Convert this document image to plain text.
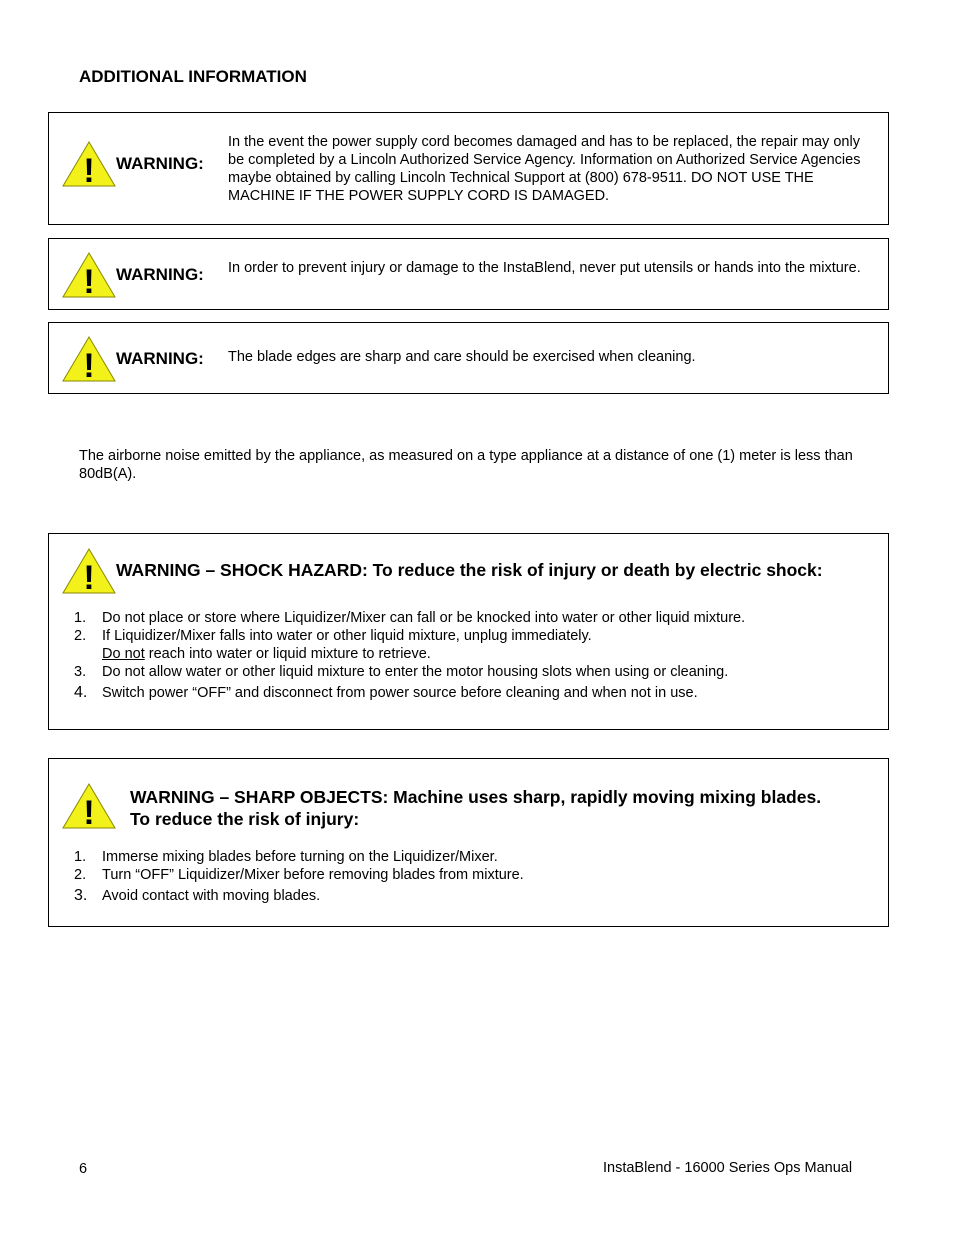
ADDITIONAL INFORMATION
! WARNING:
In the event the power supply cord becomes damaged and has to be replaced, the repair may only be completed by a Lincoln Authorized Service Agency. Information on Authorized Service Agencies maybe obtained by calling Lincoln Technical Support at (800) 678-9511. DO NOT USE THE MACHINE IF THE POWER SUPPLY CORD IS DAMAGED.
! WARNING: In order to prevent injury or damage to the InstaBlend, never put utensils or hands into the mixture.
! WARNING: The blade edges are sharp and care should be exercised when cleaning.
The airborne noise emitted by the appliance, as measured on a type appliance at a distance of one (1) meter is less than 80dB(A).
! WARNING – SHOCK HAZARD: To reduce the risk of injury or death by electric shock:
1. Do not place or store where Liquidizer/Mixer can fall or be knocked into water or other liquid mixture.
2. If Liquidizer/Mixer falls into water or other liquid mixture, unplug immediately.
Do not reach into water or liquid mixture to retrieve.
3. Do not allow water or other liquid mixture to enter the motor housing slots when using or cleaning.
4. Switch power “OFF” and disconnect from power source before cleaning and when not in use.
! WARNING – SHARP OBJECTS: Machine uses sharp, rapidly moving mixing blades.
To reduce the risk of injury:
1. Immerse mixing blades before turning on the Liquidizer/Mixer.
2. Turn “OFF” Liquidizer/Mixer before removing blades from mixture.
3. Avoid contact with moving blades.
6	InstaBlend - 16000 Series Ops Manual
